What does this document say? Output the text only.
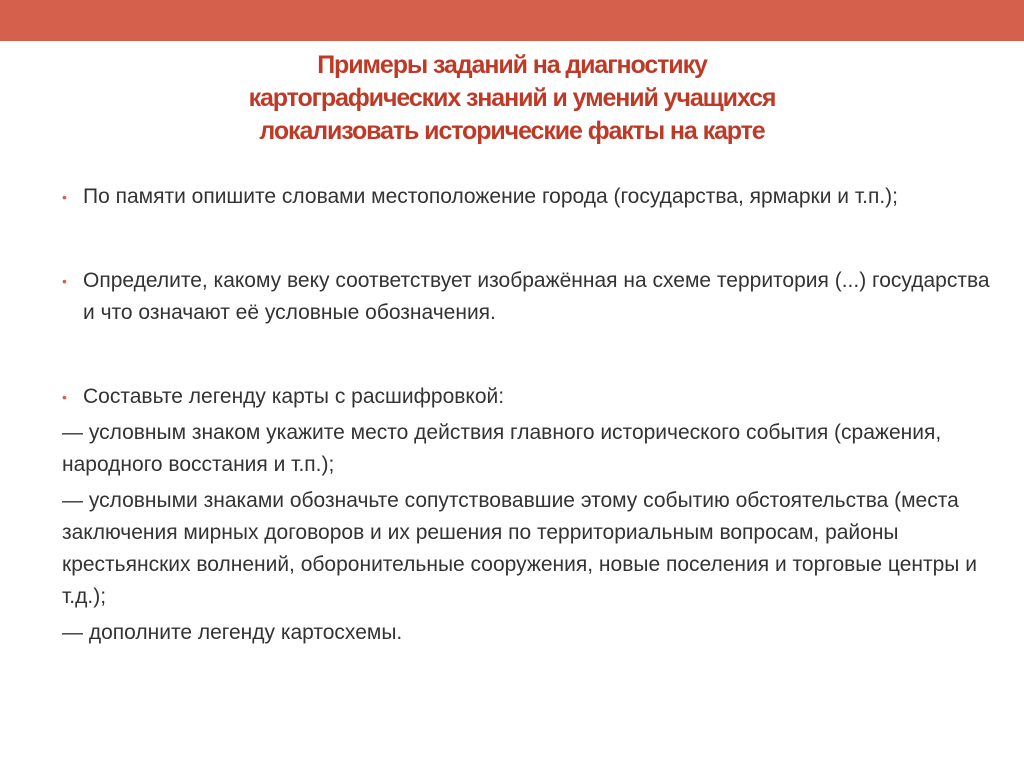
Примеры заданий на диагностику
картографических знаний и умений учащихся
локализовать исторические факты на карте
• По памяти опишите словами местоположение города (государства, ярмарки и т.п.);
• Определите, какому веку соответствует изображённая на схеме территория (...) государства и что означают её условные обозначения.
• Составьте легенду карты с расшифровкой:
— условным знаком укажите место действия главного исторического события (сражения, народного восстания и т.п.);
— условными знаками обозначьте сопутствовавшие этому событию обстоятельства (места заключения мирных договоров и их решения по территориальным вопросам, районы крестьянских волнений, оборонительные сооружения, новые поселения и торговые центры и т.д.);
— дополните легенду картосхемы.
